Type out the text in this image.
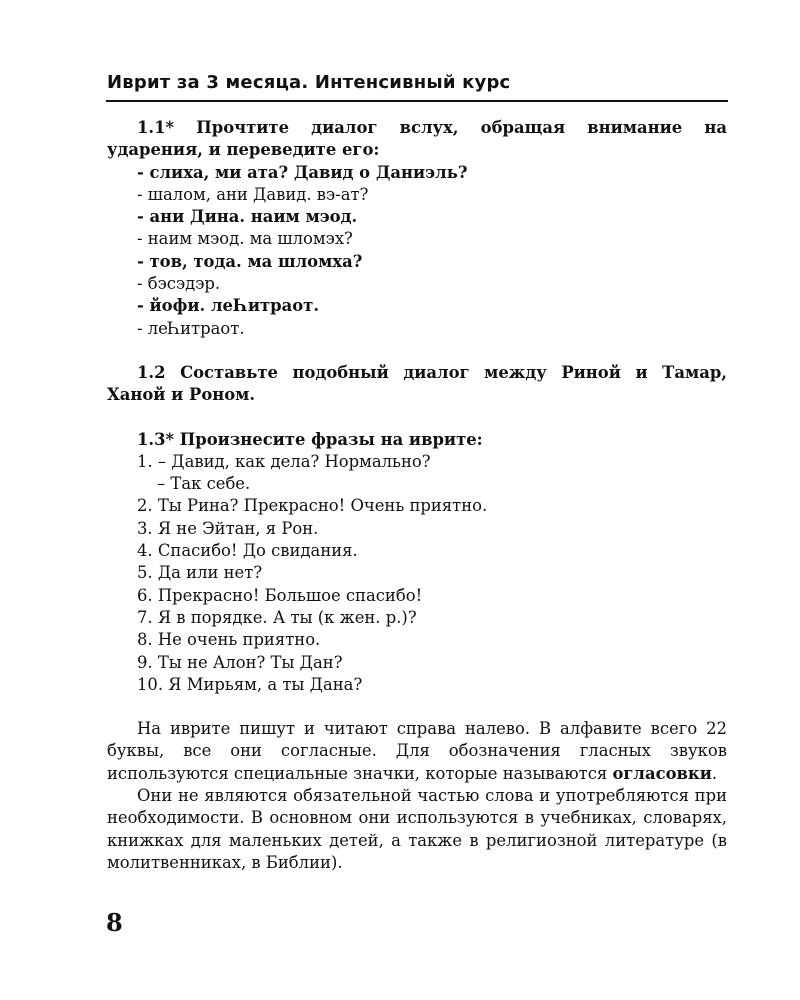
Иврит за 3 месяца. Интенсивный курс
1.1* Прочтите диалог вслух, обращая внимание на ударения, и переведите его:
- слиха, ми ата? Давид о Даниэль?
- шалом, ани Давид. вэ-ат?
- ани Дина. наим мэод.
- наим мэод. ма шломэх?
- тов, тода. ма шломха?
- бэсэдэр.
- йофи. леҺитраот.
- леҺитраот.
1.2 Составьте подобный диалог между Риной и Тамар, Ханой и Роном.
1.3* Произнесите фразы на иврите:
1. – Давид, как дела? Нормально?
– Так себе.
2. Ты Рина? Прекрасно! Очень приятно.
3. Я не Эйтан, я Рон.
4. Спасибо! До свидания.
5. Да или нет?
6. Прекрасно! Большое спасибо!
7. Я в порядке. А ты (к жен. р.)?
8. Не очень приятно.
9. Ты не Алон? Ты Дан?
10. Я Мирьям, а ты Дана?
На иврите пишут и читают справа налево. В алфавите всего 22 буквы, все они согласные. Для обозначения гласных звуков используются специальные значки, которые называются огласовки.
Они не являются обязательной частью слова и употребляются при необходимости. В основном они используются в учебниках, словарях, книжках для маленьких детей, а также в религиозной литературе (в молитвенниках, в Библии).
8
